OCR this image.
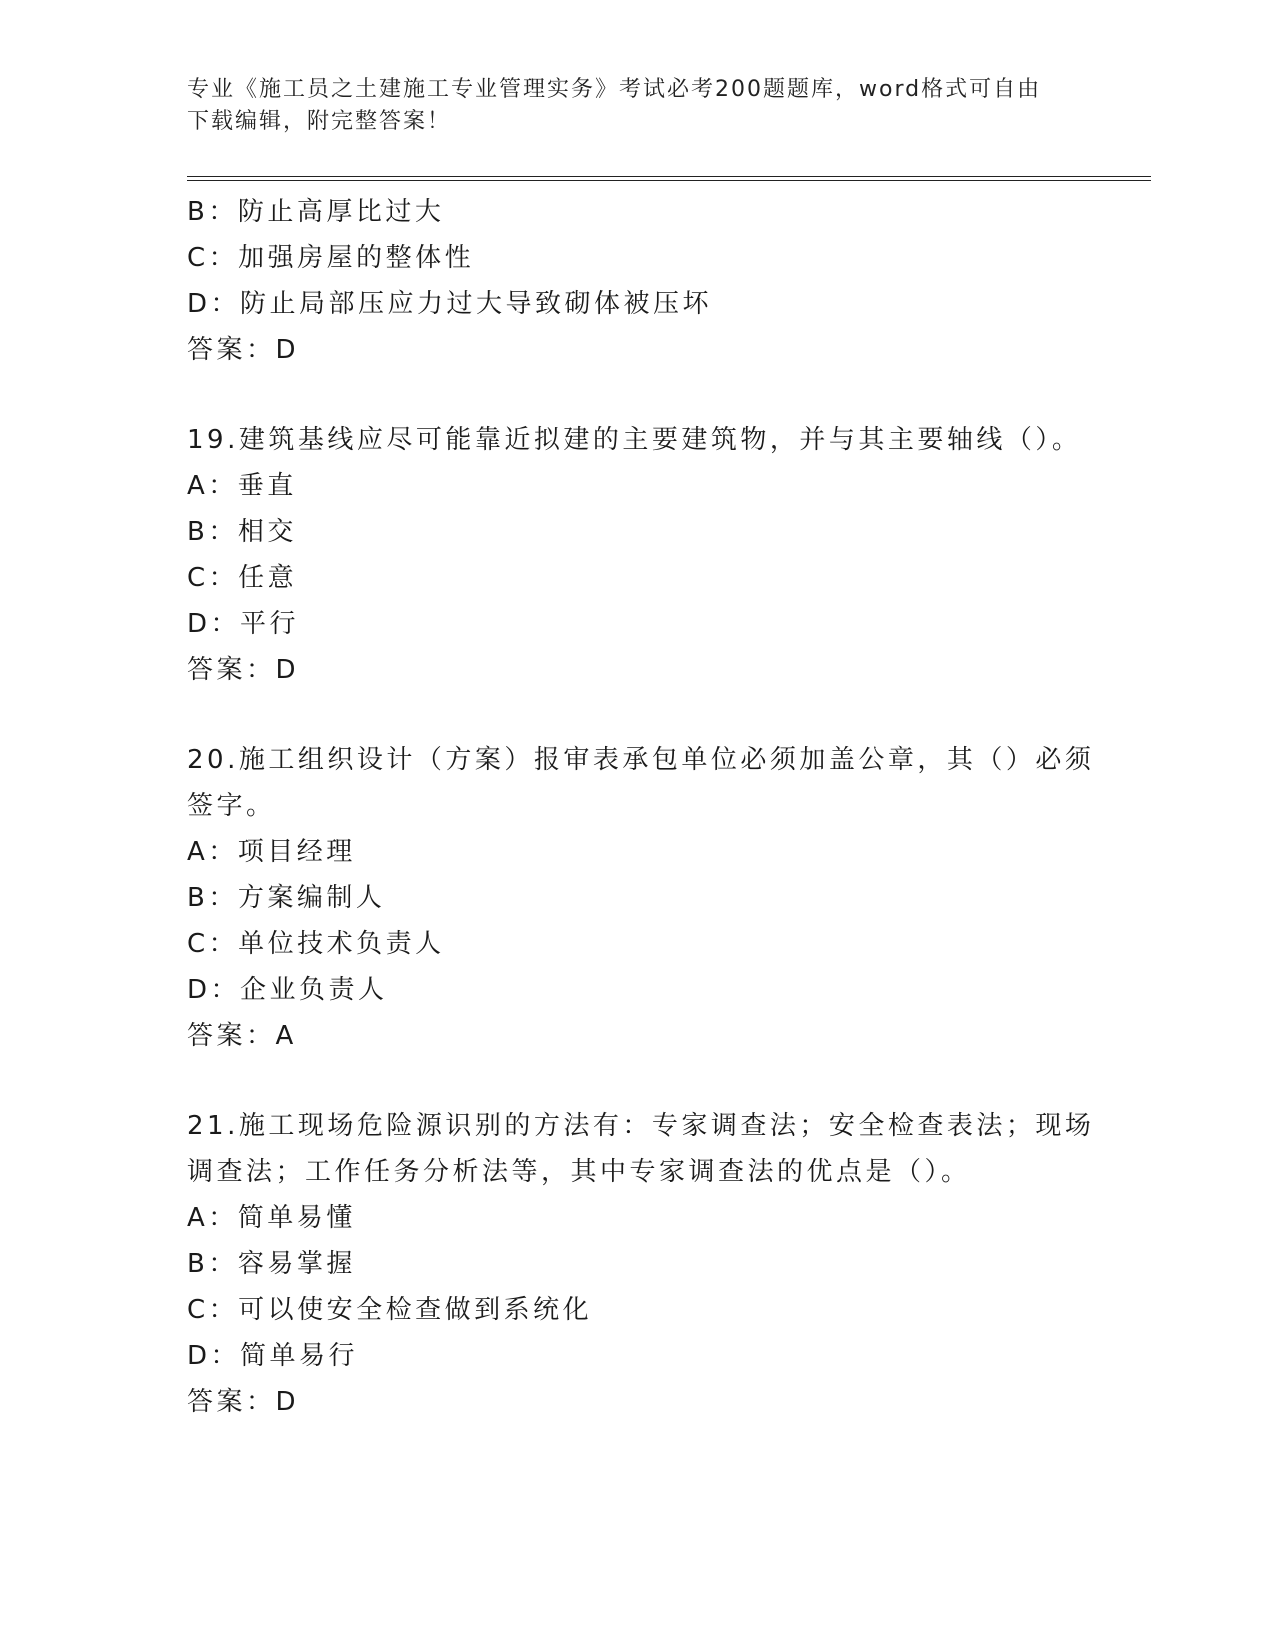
专业《施工员之土建施工专业管理实务》考试必考200题题库，word格式可自由
下载编辑，附完整答案！
B：防止高厚比过大
C：加强房屋的整体性
D：防止局部压应力过大导致砌体被压坏
答案：D
19.建筑基线应尽可能靠近拟建的主要建筑物，并与其主要轴线（）。
A：垂直
B：相交
C：任意
D：平行
答案：D
20.施工组织设计（方案）报审表承包单位必须加盖公章，其（）必须
签字。
A：项目经理
B：方案编制人
C：单位技术负责人
D：企业负责人
答案：A
21.施工现场危险源识别的方法有：专家调查法；安全检查表法；现场
调查法；工作任务分析法等，其中专家调查法的优点是（）。
A：简单易懂
B：容易掌握
C：可以使安全检查做到系统化
D：简单易行
答案：D
